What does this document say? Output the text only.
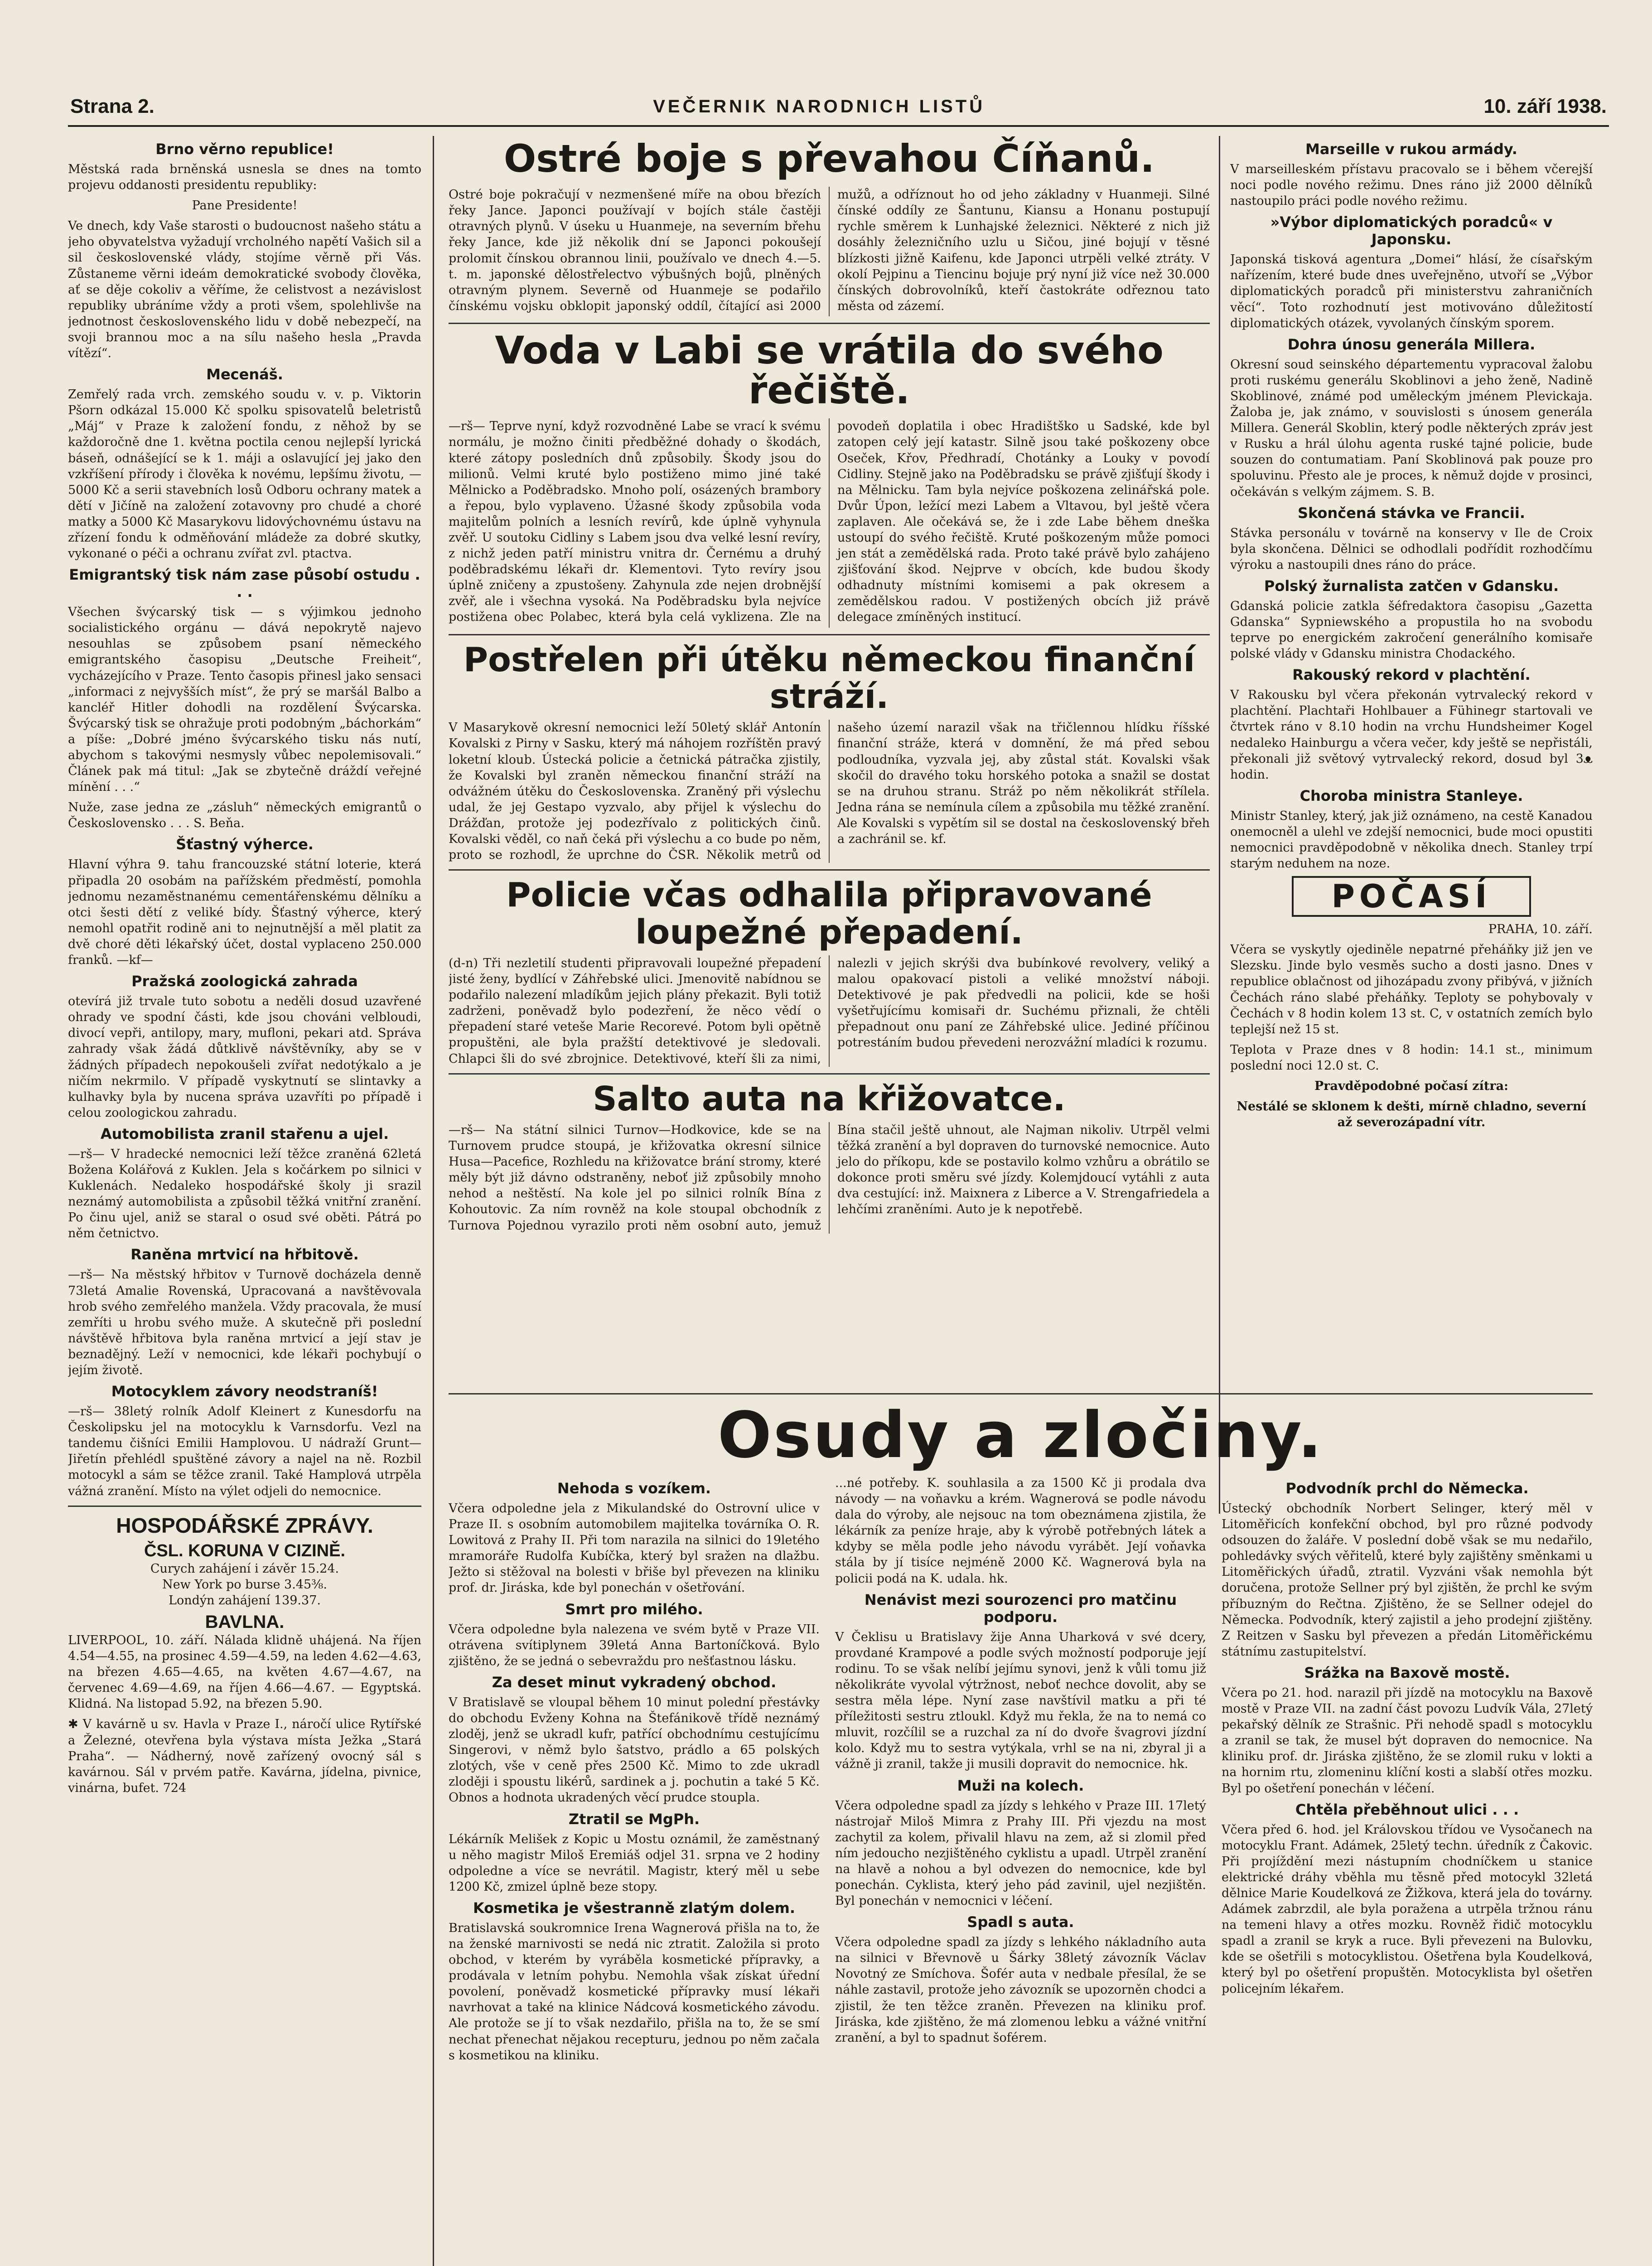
Strana 2.	VEČERNIK NARODNICH LISTŮ	10. září 1938.
Brno věrno republice!

Městská rada brněnská usnesla se dnes na tomto projevu oddanosti presidentu republiky:

Pane Presidente!

Ve dnech, kdy Vaše starosti o budoucnost našeho státu a jeho obyvatelstva vyžadují vrcholného napětí Vašich sil a sil československé vlády, stojíme věrně při Vás. Zůstaneme věrni ideám demokratické svobody člověka, ať se děje cokoliv a věříme, že celistvost a nezávislost republiky ubráníme vždy a proti všem, spolehlivše na jednotnost československého lidu v době nebezpečí, na svoji brannou moc a na sílu našeho hesla „Pravda vítězí“.

Mecenáš.

Zemřelý rada vrch. zemského soudu v. v. p. Viktorin Pšorn odkázal 15.000 Kč spolku spisovatelů beletristů „Máj“ v Praze k založení fondu, z něhož by se každoročně dne 1. května poctila cenou nejlepší lyrická báseň, odnášející se k 1. máji a oslavující jej jako den vzkříšení přírody i člověka k novému, lepšímu životu, — 5000 Kč a serii stavebních losů Odboru ochrany matek a dětí v Jičíně na založení zotavovny pro chudé a choré matky a 5000 Kč Masarykovu lidovýchovnému ústavu na zřízení fondu k odměňování mládeže za dobré skutky, vykonané o péči a ochranu zvířat zvl. ptactva.

Emigrantský tisk nám zase působí ostudu . . .

Všechen švýcarský tisk — s výjimkou jednoho socialistického orgánu — dává nepokrytě najevo nesouhlas se způsobem psaní německého emigrantského časopisu „Deutsche Freiheit“, vycházejícího v Praze. Tento časopis přinesl jako sensaci „informaci z nejvyšších míst“, že prý se maršál Balbo a kancléř Hitler dohodli na rozdělení Švýcarska. Švýcarský tisk se ohražuje proti podobným „báchorkám“ a píše: „Dobré jméno švýcarského tisku nás nutí, abychom s takovými nesmysly vůbec nepolemisovali.“ Článek pak má titul: „Jak se zbytečně dráždí veřejné mínění . . .“

Nuže, zase jedna ze „zásluh“ německých emigrantů o Československo . . . S. Beňa.

Šťastný výherce.

Hlavní výhra 9. tahu francouzské státní loterie, která připadla 20 osobám na pařížském předměstí, pomohla jednomu nezaměstnanému cementářenskému dělníku a otci šesti dětí z veliké bídy. Šťastný výherce, který nemohl opatřit rodině ani to nejnutnější a měl platit za dvě choré děti lékařský účet, dostal vyplaceno 250.000 franků. —kf—

Pražská zoologická zahrada

otevírá již trvale tuto sobotu a neděli dosud uzavřené ohrady ve spodní části, kde jsou chováni velbloudi, divocí vepři, antilopy, mary, mufloni, pekari atd. Správa zahrady však žádá důtklivě návštěvníky, aby se v žádných případech nepokoušeli zvířat nedotýkalo a je ničím nekrmilo. V případě vyskytnutí se slintavky a kulhavky byla by nucena správa uzavříti po případě i celou zoologickou zahradu.

Automobilista zranil stařenu a ujel.

—rš— V hradecké nemocnici leží těžce zraněná 62letá Božena Kolářová z Kuklen. Jela s kočárkem po silnici v Kuklenách. Nedaleko hospodářské školy ji srazil neznámý automobilista a způsobil těžká vnitřní zranění. Po činu ujel, aniž se staral o osud své oběti. Pátrá po něm četnictvo.

Raněna mrtvicí na hřbitově.

—rš— Na městský hřbitov v Turnově docházela denně 73letá Amalie Rovenská, Upracovaná a navštěvovala hrob svého zemřelého manžela. Vždy pracovala, že musí zemříti u hrobu svého muže. A skutečně při poslední návštěvě hřbitova byla raněna mrtvicí a její stav je beznadějný. Leží v nemocnici, kde lékaři pochybují o jejím životě.

Motocyklem závory neodstraníš!

—rš— 38letý rolník Adolf Kleinert z Kunesdorfu na Českolipsku jel na motocyklu k Varnsdorfu. Vezl na tandemu čišníci Emilii Hamplovou. U nádraží Grunt—Jiřetín přehlédl spuštěné závory a najel na ně. Rozbil motocykl a sám se těžce zranil. Také Hamplová utrpěla vážná zranění. Místo na výlet odjeli do nemocnice.

HOSPODÁŘSKÉ ZPRÁVY.
ČSL. KORUNA V CIZINĚ.
Curych zahájení i závěr 15.24.
New York po burse 3.45⅜.
Londýn zahájení 139.37.
BAVLNA.

LIVERPOOL, 10. září. Nálada klidně uhájená. Na říjen 4.54—4.55, na prosinec 4.59—4.59, na leden 4.62—4.63, na březen 4.65—4.65, na květen 4.67—4.67, na červenec 4.69—4.69, na říjen 4.66—4.67. — Egyptská. Klidná. Na listopad 5.92, na březen 5.90.

✱ V kavárně u sv. Havla v Praze I., náročí ulice Rytířské a Železné, otevřena byla výstava místa Ježka „Stará Praha“. — Nádherný, nově zařízený ovocný sál s kavárnou. Sál v prvém patře. Kavárna, jídelna, pivnice, vinárna, bufet. 724

Ostré boje s převahou Číňanů.

Ostré boje pokračují v nezmenšené míře na obou březích řeky Jance. Japonci používají v bojích stále častěji otravných plynů. V úseku u Huanmeje, na severním břehu řeky Jance, kde již několik dní se Japonci pokoušejí prolomit čínskou obrannou linii, používalo ve dnech 4.—5. t. m. japonské dělostřelectvo výbušných bojů, plněných otravným plynem. Severně od Huanmeje se podařilo čínskému vojsku obklopit japonský oddíl, čítající asi 2000 mužů, a odříznout ho od jeho základny v Huanmeji. Silné čínské oddíly ze Šantunu, Kiansu a Honanu postupují rychle směrem k Lunhajské železnici. Některé z nich již dosáhly železničního uzlu u Sičou, jiné bojují v těsné blízkosti jižně Kaifenu, kde Japonci utrpěli velké ztráty. V okolí Pejpinu a Tiencinu bojuje prý nyní již více než 30.000 čínských dobrovolníků, kteří častokráte odřeznou tato města od zázemí.

Voda v Labi se vrátila do svého řečiště.

—rš— Teprve nyní, když rozvodněné Labe se vrací k svému normálu, je možno činiti předběžné dohady o škodách, které zátopy posledních dnů způsobily. Škody jsou do milionů. Velmi kruté bylo postiženo mimo jiné také Mělnicko a Poděbradsko. Mnoho polí, osázených brambory a řepou, bylo vyplaveno. Úžasné škody způsobila voda majitelům polních a lesních revírů, kde úplně vyhynula zvěř. U soutoku Cidliny s Labem jsou dva velké lesní revíry, z nichž jeden patří ministru vnitra dr. Černému a druhý poděbradskému lékaři dr. Klementovi. Tyto revíry jsou úplně zničeny a zpustošeny. Zahynula zde nejen drobnější zvěř, ale i všechna vysoká. Na Poděbradsku byla nejvíce postižena obec Polabec, která byla celá vyklizena. Zle na povodeň doplatila i obec Hradištško u Sadské, kde byl zatopen celý její katastr. Silně jsou také poškozeny obce Oseček, Křov, Předhradí, Chotánky a Louky v povodí Cidliny. Stejně jako na Poděbradsku se právě zjišťují škody i na Mělnicku. Tam byla nejvíce poškozena zelinářská pole. Dvůr Úpon, ležící mezi Labem a Vltavou, byl ještě včera zaplaven. Ale očekává se, že i zde Labe během dneška ustoupí do svého řečiště. Kruté poškozeným může pomoci jen stát a zemědělská rada. Proto také právě bylo zahájeno zjišťování škod. Nejprve v obcích, kde budou škody odhadnuty místními komisemi a pak okresem a zemědělskou radou. V postižených obcích již právě delegace zmíněných institucí.

Postřelen při útěku německou finanční stráží.

V Masarykově okresní nemocnici leží 50letý sklář Antonín Kovalski z Pirny v Sasku, který má náhojem rozříštěn pravý loketní kloub. Ústecká policie a četnická pátračka zjistily, že Kovalski byl zraněn německou finanční stráží na odvážném útěku do Československa. Zraněný při výslechu udal, že jej Gestapo vyzvalo, aby přijel k výslechu do Drážďan, protože jej podezřívalo z politických činů. Kovalski věděl, co naň čeká při výslechu a co bude po něm, proto se rozhodl, že uprchne do ČSR. Několik metrů od našeho území narazil však na třičlennou hlídku říšské finanční stráže, která v domnění, že má před sebou podloudníka, vyzvala jej, aby zůstal stát. Kovalski však skočil do dravého toku horského potoka a snažil se dostat se na druhou stranu. Stráž po něm několikrát střílela. Jedna rána se nemínula cílem a způsobila mu těžké zranění. Ale Kovalski s vypětím sil se dostal na československý břeh a zachránil se. kf.

Policie včas odhalila připravované loupežné přepadení.

(d-n) Tři nezletilí studenti připravovali loupežné přepadení jisté ženy, bydlící v Záhřebské ulici. Jmenovitě nabídnou se podařilo nalezení mladíkům jejich plány překazit. Byli totiž zadrženi, poněvadž bylo podezření, že něco vědí o přepadení staré veteše Marie Recorevé. Potom byli opětně propuštěni, ale byla pražští detektivové je sledovali. Chlapci šli do své zbrojnice. Detektivové, kteří šli za nimi, nalezli v jejich skrýši dva bubínkové revolvery, veliký a malou opakovací pistoli a veliké množství náboji. Detektivové je pak předvedli na policii, kde se hoši vyšetřujícímu komisaři dr. Suchému přiznali, že chtěli přepadnout onu paní ze Záhřebské ulice. Jediné příčinou potrestáním budou převedeni nerozvážní mladíci k rozumu.

Salto auta na křižovatce.

—rš— Na státní silnici Turnov—Hodkovice, kde se na Turnovem prudce stoupá, je křižovatka okresní silnice Husa—Pacefice, Rozhledu na křižovatce brání stromy, které měly být již dávno odstraněny, neboť již způsobily mnoho nehod a neštěstí. Na kole jel po silnici rolník Bína z Kohoutovic. Za ním rovněž na kole stoupal obchodník z Turnova Pojednou vyrazilo proti něm osobní auto, jemuž Bína stačil ještě uhnout, ale Najman nikoliv. Utrpěl velmi těžká zranění a byl dopraven do turnovské nemocnice. Auto jelo do příkopu, kde se postavilo kolmo vzhůru a obrátilo se dokonce proti směru své jízdy. Kolemjdoucí vytáhli z auta dva cestující: inž. Maixnera z Liberce a V. Strengafriedela a lehčími zraněními. Auto je k nepotřebě.

Marseille v rukou armády.

V marseilleském přístavu pracovalo se i během včerejší noci podle nového režimu. Dnes ráno již 2000 dělníků nastoupilo práci podle nového režimu.

»Výbor diplomatických poradců« v Japonsku.

Japonská tisková agentura „Domei“ hlásí, že císařským nařízením, které bude dnes uveřejněno, utvoří se „Výbor diplomatických poradců při ministerstvu zahraničních věcí“. Toto rozhodnutí jest motivováno důležitostí diplomatických otázek, vyvolaných čínským sporem.

Dohra únosu generála Millera.

Okresní soud seinského départementu vypracoval žalobu proti ruskému generálu Skoblinovi a jeho ženě, Nadině Skoblinové, známé pod uměleckým jménem Plevickaja. Žaloba je, jak známo, v souvislosti s únosem generála Millera. Generál Skoblin, který podle některých zpráv jest v Rusku a hrál úlohu agenta ruské tajné policie, bude souzen do contumatiam. Paní Skoblinová pak pouze pro spoluvinu. Přesto ale je proces, k němuž dojde v prosinci, očekáván s velkým zájmem. S. B.

Skončená stávka ve Francii.

Stávka personálu v továrně na konservy v Ile de Croix byla skončena. Dělnici se odhodlali podřídit rozhodčímu výroku a nastoupili dnes ráno do práce.

Polský žurnalista zatčen v Gdansku.

Gdanská policie zatkla šéfredaktora časopisu „Gazetta Gdanska“ Sypniewského a propustila ho na svobodu teprve po energickém zakročení generálního komisaře polské vlády v Gdansku ministra Chodackého.

Rakouský rekord v plachtění.

V Rakousku byl včera překonán vytrvalecký rekord v plachtění. Plachtaři Hohlbauer a Fühinegr startovali ve čtvrtek ráno v 8.10 hodin na vrchu Hundsheimer Kogel nedaleko Hainburgu a včera večer, kdy ještě se nepřistáli, překonali již světový vytrvalecký rekord, dosud byl 3ᴥ hodin.

Choroba ministra Stanleye.

Ministr Stanley, který, jak již oznámeno, na cestě Kanadou onemocněl a ulehl ve zdejší nemocnici, bude moci opustiti nemocnici pravděpodobně v několika dnech. Stanley trpí starým neduhem na noze.

POČASÍ

PRAHA, 10. září.

Včera se vyskytly ojediněle nepatrné přeháňky již jen ve Slezsku. Jinde bylo vesměs sucho a dosti jasno. Dnes v republice oblačnost od jihozápadu zvony přibývá, v jižních Čechách ráno slabé přeháňky. Teploty se pohybovaly v Čechách v 8 hodin kolem 13 st. C, v ostatních zemích bylo teplejší než 15 st.

Teplota v Praze dnes v 8 hodin: 14.1 st., minimum poslední noci 12.0 st. C.

Pravděpodobné počasí zítra:

Nestálé se sklonem k dešti, mírně chladno, severní až severozápadní vítr.

Osudy a zločiny.
Nehoda s vozíkem.

Včera odpoledne jela z Mikulandské do Ostrovní ulice v Praze II. s osobním automobilem majitelka továrníka O. R. Lowitová z Prahy II. Při tom narazila na silnici do 19letého mramoráře Rudolfa Kubíčka, který byl sražen na dlažbu. Ježto si stěžoval na bolesti v břiše byl převezen na kliniku prof. dr. Jiráska, kde byl ponechán v ošetřování.

Smrt pro milého.

Včera odpoledne byla nalezena ve svém bytě v Praze VII. otrávena svítiplynem 39letá Anna Bartoníčková. Bylo zjištěno, že se jedná o sebevraždu pro nešťastnou lásku.

Za deset minut vykradený obchod.

V Bratislavě se vloupal během 10 minut polední přestávky do obchodu Evženy Kohna na Štefánikově třídě neznámý zloděj, jenž se ukradl kufr, patřící obchodnímu cestujícímu Singerovi, v němž bylo šatstvo, prádlo a 65 polských zlotých, vše v ceně přes 2500 Kč. Mimo to zde ukradl zloději i spoustu likérů, sardinek a j. pochutin a také 5 Kč. Obnos a hodnota ukradených věcí prudce stoupla.

Ztratil se MgPh.

Lékárník Melišek z Kopic u Mostu oznámil, že zaměstnaný u něho magistr Miloš Eremiáš odjel 31. srpna ve 2 hodiny odpoledne a více se nevrátil. Magistr, který měl u sebe 1200 Kč, zmizel úplně beze stopy.

Kosmetika je všestranně zlatým dolem.

Bratislavská soukromnice Irena Wagnerová přišla na to, že na ženské marnivosti se nedá nic ztratit. Založila si proto obchod, v kterém by vyráběla kosmetické přípravky, a prodávala v letním pohybu. Nemohla však získat úřední povolení, poněvadž kosmetické přípravky musí lékaři navrhovat a také na klinice Nádcová kosmetického závodu. Ale protože se jí to však nezdařilo, přišla na to, že se smí nechat přenechat nějakou recepturu, jednou po něm začala s kosmetikou na kliniku.

...né potřeby. K. souhlasila a za 1500 Kč ji prodala dva návody — na voňavku a krém. Wagnerová se podle návodu dala do výroby, ale nejsouc na tom obeznámena zjistila, že lékárník za peníze hraje, aby k výrobě potřebných látek a kdyby se měla podle jeho návodu vyrábět. Její voňavka stála by jí tisíce nejméně 2000 Kč. Wagnerová byla na policii podá na K. udala. hk.

Nenávist mezi sourozenci pro matčinu podporu.

V Čeklisu u Bratislavy žije Anna Uharková v své dcery, provdané Krampové a podle svých možností podporuje její rodinu. To se však nelíbí jejímu synovi, jenž k vůli tomu již několikráte vyvolal výtržnost, neboť nechce dovolit, aby se sestra měla lépe. Nyní zase navštívil matku a při té příležitosti sestru ztloukl. Když mu řekla, že na to nemá co mluvit, rozčílil se a ruzchal za ní do dvoře švagrovi jízdní kolo. Když mu to sestra vytýkala, vrhl se na ni, zbyral ji a vážně ji zranil, takže ji musili dopravit do nemocnice. hk.

Muži na kolech.

Včera odpoledne spadl za jízdy s lehkého v Praze III. 17letý nástrojař Miloš Mimra z Prahy III. Při vjezdu na most zachytil za kolem, přivalil hlavu na zem, až si zlomil před ním jedoucho nezjištěného cyklistu a upadl. Utrpěl zranění na hlavě a nohou a byl odvezen do nemocnice, kde byl ponechán. Cyklista, který jeho pád zavinil, ujel nezjištěn. Byl ponechán v nemocnici v léčení.

Spadl s auta.

Včera odpoledne spadl za jízdy s lehkého nákladního auta na silnici v Břevnově u Šárky 38letý závozník Václav Novotný ze Smíchova. Šofér auta v nedbale přesílal, že se náhle zastavil, protože jeho závozník se upozorněn chodci a zjistil, že ten těžce zraněn. Převezen na kliniku prof. Jiráska, kde zjištěno, že má zlomenou lebku a vážné vnitřní zranění, a byl to spadnut šoférem.

Podvodník prchl do Německa.

Ústecký obchodník Norbert Selinger, který měl v Litoměřicích konfekční obchod, byl pro různé podvody odsouzen do žaláře. V poslední době však se mu nedařilo, pohledávky svých věřitelů, které byly zajištěny směnkami u Litoměřických úřadů, ztratil. Vyzváni však nemohla být doručena, protože Sellner prý byl zjištěn, že prchl ke svým příbuzným do Rečtna. Zjištěno, že se Sellner odejel do Německa. Podvodník, který zajistil a jeho prodejní zjištěny. Z Reitzen v Sasku byl převezen a předán Litoměřickému státnímu zastupitelství.

Srážka na Baxově mostě.

Včera po 21. hod. narazil při jízdě na motocyklu na Baxově mostě v Praze VII. na zadní část povozu Ludvík Vála, 27letý pekařský dělník ze Strašnic. Při nehodě spadl s motocyklu a zranil se tak, že musel být dopraven do nemocnice. Na kliniku prof. dr. Jiráska zjištěno, že se zlomil ruku v lokti a na hornim rtu, zlomeninu klíční kosti a slabší otřes mozku. Byl po ošetření ponechán v léčení.

Chtěla přeběhnout ulici . . .

Včera před 6. hod. jel Královskou třídou ve Vysočanech na motocyklu Frant. Adámek, 25letý techn. úředník z Čakovic. Při projíždění mezi nástupním chodníčkem u stanice elektrické dráhy vběhla mu těsně před motocykl 32letá dělnice Marie Koudelková ze Žižkova, která jela do továrny. Adámek zabrzdil, ale byla poražena a utrpěla tržnou ránu na temeni hlavy a otřes mozku. Rovněž řidič motocyklu spadl a zranil se kryk a ruce. Byli převezeni na Bulovku, kde se ošetřili s motocyklistou. Ošetřena byla Koudelková, který byl po ošetření propuštěn. Motocyklista byl ošetřen policejním lékařem.
